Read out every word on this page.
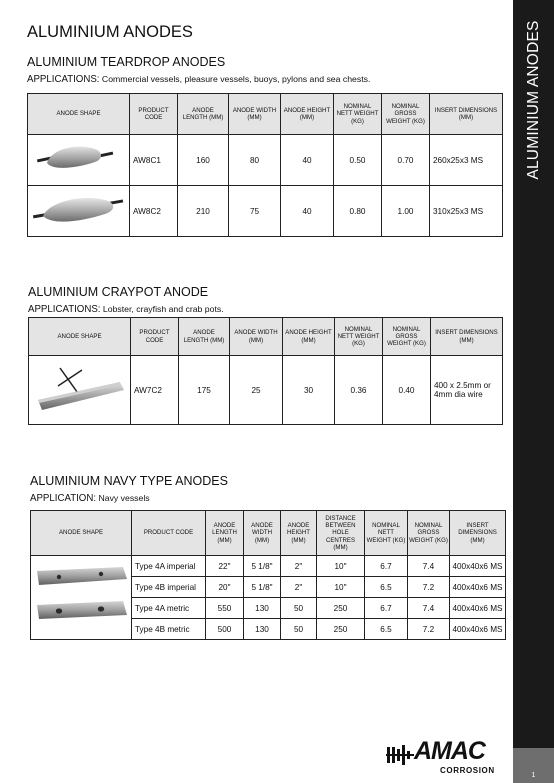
ALUMINIUM ANODES
1
ALUMINIUM ANODES
ALUMINIUM TEARDROP ANODES
APPLICATIONS: Commercial vessels, pleasure vessels, buoys, pylons and sea chests.
ANODE SHAPE	PRODUCT CODE	ANODE LENGTH (MM)	ANODE WIDTH (MM)	ANODE HEIGHT (MM)	NOMINAL NETT WEIGHT (KG)	NOMINAL GROSS WEIGHT (KG)	INSERT DIMENSIONS (MM)
	AW8C1	160	80	40	0.50	0.70	260x25x3 MS
	AW8C2	210	75	40	0.80	1.00	310x25x3 MS
ALUMINIUM CRAYPOT ANODE
APPLICATIONS: Lobster, crayfish and crab pots.
ANODE SHAPE	PRODUCT CODE	ANODE LENGTH (MM)	ANODE WIDTH (MM)	ANODE HEIGHT (MM)	NOMINAL NETT WEIGHT (KG)	NOMINAL GROSS WEIGHT (KG)	INSERT DIMENSIONS (MM)
	AW7C2	175	25	30	0.36	0.40	400 x 2.5mm or 4mm dia wire
ALUMINIUM NAVY TYPE ANODES
APPLICATION: Navy vessels
ANODE SHAPE	PRODUCT CODE	ANODE LENGTH (MM)	ANODE WIDTH (MM)	ANODE HEIGHT (MM)	DISTANCE BETWEEN HOLE CENTRES (MM)	NOMINAL NETT WEIGHT (KG)	NOMINAL GROSS WEIGHT (KG)	INSERT DIMENSIONS (MM)
	Type 4A imperial	22"	5 1/8"	2"	10"	6.7	7.4	400x40x6 MS
	Type 4B imperial	20"	5 1/8"	2"	10"	6.5	7.2	400x40x6 MS
	Type 4A metric	550	130	50	250	6.7	7.4	400x40x6 MS
	Type 4B metric	500	130	50	250	6.5	7.2	400x40x6 MS
AMAC
CORROSION
